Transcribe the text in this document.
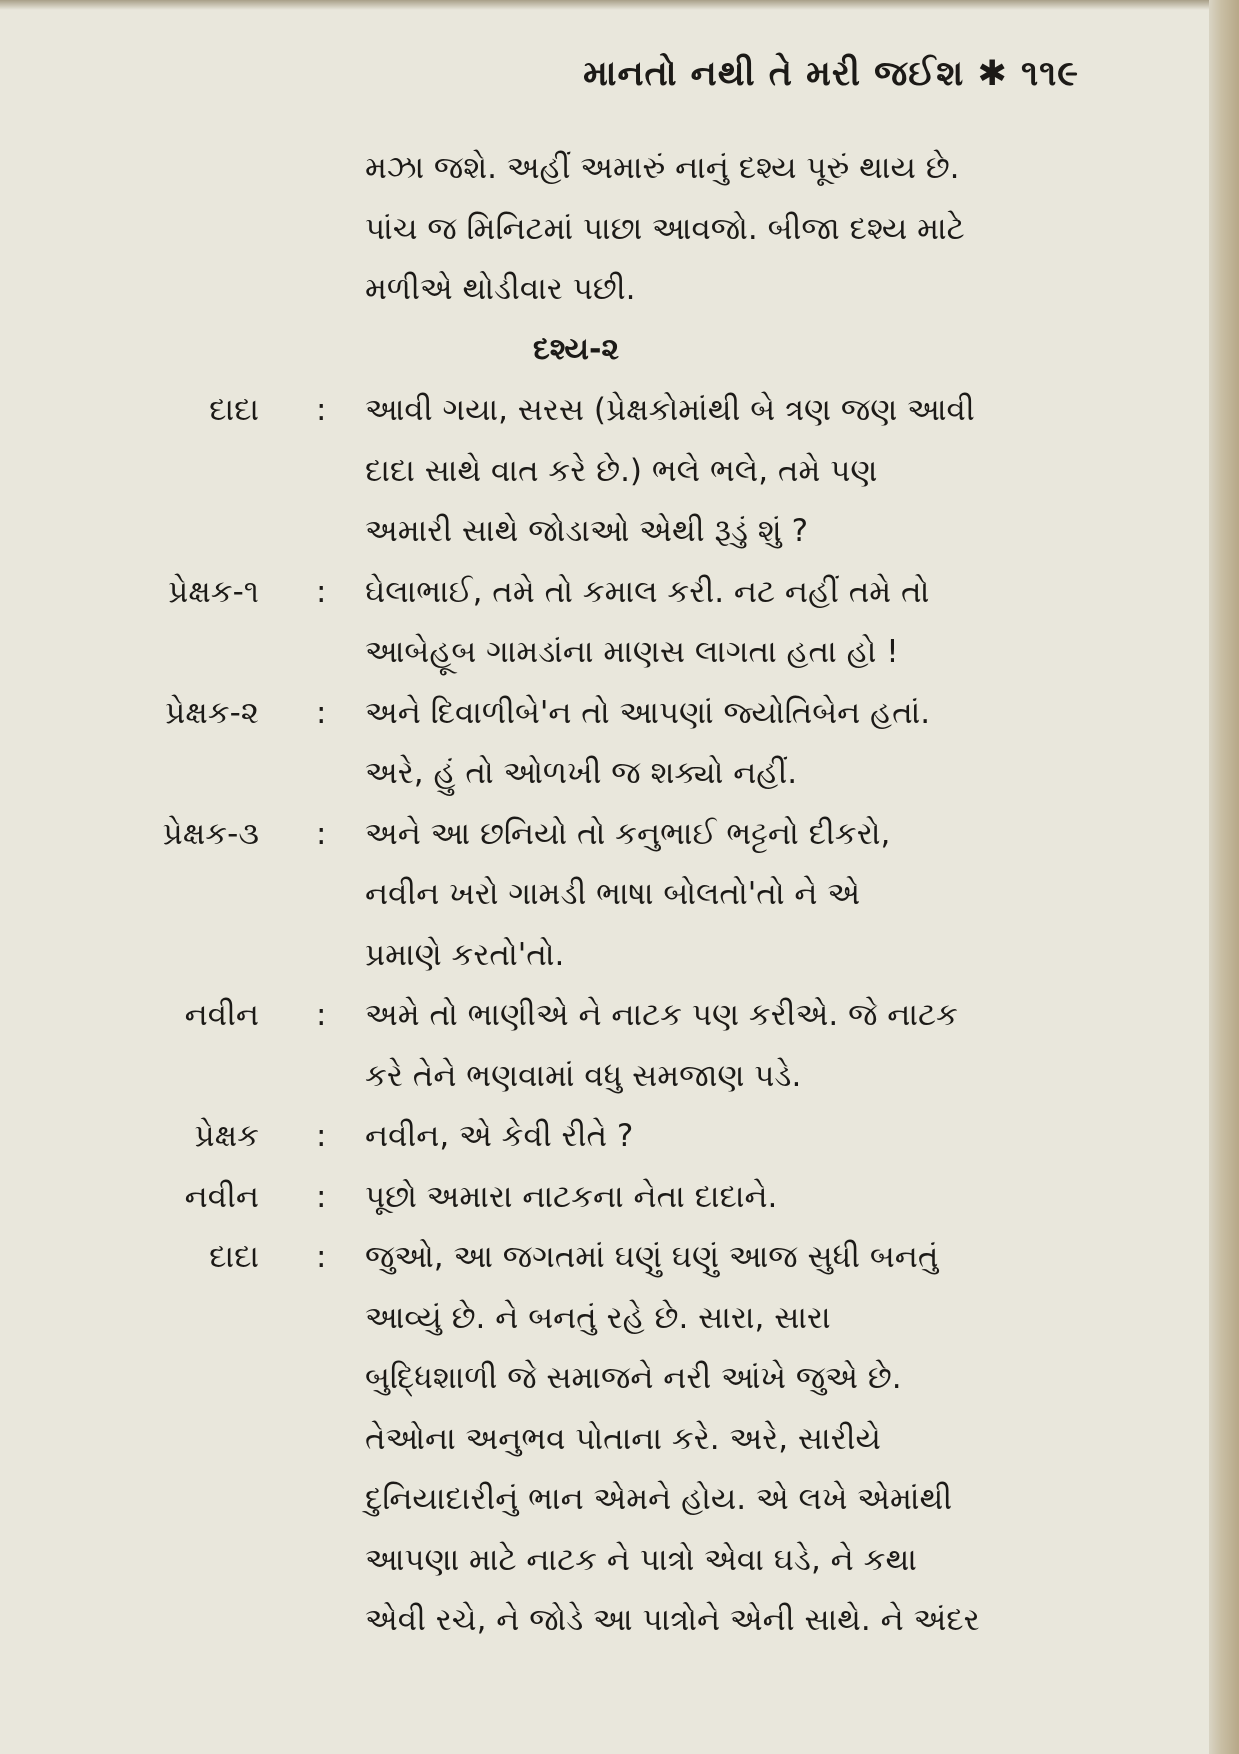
માનતો નથી તે મરી જઈશ ✱ ૧૧૯
મઝા જશે. અહીં અમારું નાનું દશ્ય પૂરું થાય છે.
પાંચ જ મિનિટમાં પાછા આવજો. બીજા દશ્ય માટે
મળીએ થોડીવાર પછી.
દશ્ય-૨
દાદા : આવી ગયા, સરસ (પ્રેક્ષકોમાંથી બે ત્રણ જણ આવી
દાદા સાથે વાત કરે છે.) ભલે ભલે, તમે પણ
અમારી સાથે જોડાઓ એથી રૂડું શું ?
પ્રેક્ષક-૧ : ઘેલાભાઈ, તમે તો કમાલ કરી. નટ નહીં તમે તો
આબેહૂબ ગામડાંના માણસ લાગતા હતા હો !
પ્રેક્ષક-૨ : અને દિવાળીબે'ન તો આપણાં જ્યોતિબેન હતાં.
અરે, હું તો ઓળખી જ શક્યો નહીં.
પ્રેક્ષક-૩ : અને આ છનિયો તો કનુભાઈ ભટ્ટનો દીકરો,
નવીન ખરો ગામડી ભાષા બોલતો'તો ને એ
પ્રમાણે કરતો'તો.
નવીન : અમે તો ભાણીએ ને નાટક પણ કરીએ. જે નાટક
કરે તેને ભણવામાં વધુ સમજાણ પડે.
પ્રેક્ષક : નવીન, એ કેવી રીતે ?
નવીન : પૂછો અમારા નાટકના નેતા દાદાને.
દાદા : જુઓ, આ જગતમાં ઘણું ઘણું આજ સુધી બનતું
આવ્યું છે. ને બનતું રહે છે. સારા, સારા
બુદ્ધિશાળી જે સમાજને નરી આંખે જુએ છે.
તેઓના અનુભવ પોતાના કરે. અરે, સારીયે
દુનિયાદારીનું ભાન એમને હોય. એ લખે એમાંથી
આપણા માટે નાટક ને પાત્રો એવા ઘડે, ને કથા
એવી રચે, ને જોડે આ પાત્રોને એની સાથે. ને અંદર
